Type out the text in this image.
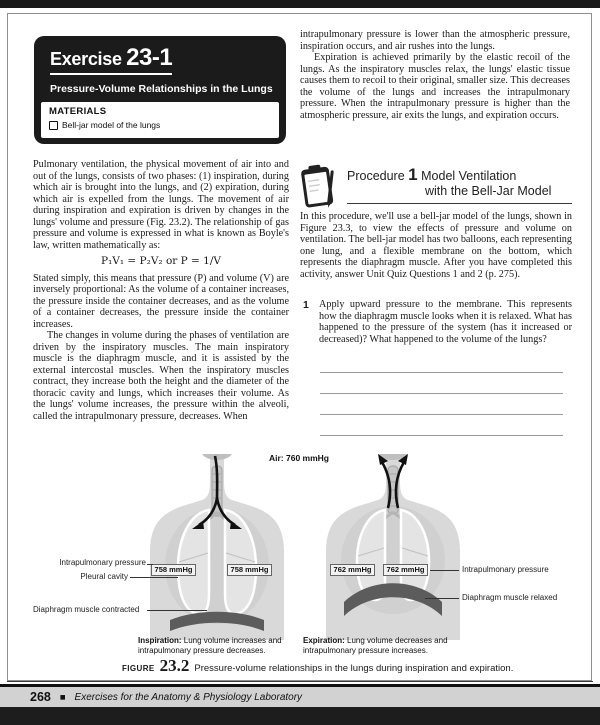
Exercise 23-1
Pressure-Volume Relationships in the Lungs
MATERIALS
Bell-jar model of the lungs

Pulmonary ventilation, the physical movement of air into and out of the lungs, consists of two phases: (1) inspiration, during which air is brought into the lungs, and (2) expiration, during which air is expelled from the lungs. The movement of air during inspiration and expiration is driven by changes in the lungs' volume and pressure (Fig. 23.2). The relationship of gas pressure and volume is expressed in what is known as Boyle's law, written mathematically as:

P₁V₁ = P₂V₂ or P = 1/V

Stated simply, this means that pressure (P) and volume (V) are inversely proportional: As the volume of a container increases, the pressure inside the container decreases, and as the volume of a container decreases, the pressure inside the container increases.

The changes in volume during the phases of ventilation are driven by the inspiratory muscles. The main inspiratory muscle is the diaphragm muscle, and it is assisted by the external intercostal muscles. When the inspiratory muscles contract, they increase both the height and the diameter of the thoracic cavity and lungs, which increases their volume. As the lungs' volume increases, the pressure within the alveoli, called the intrapulmonary pressure, decreases. When

intrapulmonary pressure is lower than the atmospheric pressure, inspiration occurs, and air rushes into the lungs.

Expiration is achieved primarily by the elastic recoil of the lungs. As the inspiratory muscles relax, the lungs' elastic tissue causes them to recoil to their original, smaller size. This decreases the volume of the lungs and increases the intrapulmonary pressure. When the intrapulmonary pressure is higher than the atmospheric pressure, air exits the lungs, and expiration occurs.

Procedure 1 Model Ventilation
with the Bell-Jar Model

In this procedure, we'll use a bell-jar model of the lungs, shown in Figure 23.3, to view the effects of pressure and volume on ventilation. The bell-jar model has two balloons, each representing one lung, and a flexible membrane on the bottom, which represents the diaphragm muscle. After you have completed this activity, answer Unit Quiz Questions 1 and 2 (p. 275).

1 Apply upward pressure to the membrane. This represents how the diaphragm muscle looks when it is relaxed. What has happened to the pressure of the system (has it increased or decreased)? What happened to the volume of the lungs?

Air: 760 mmHg
758 mmHg	758 mmHg	762 mmHg	762 mmHg
Intrapulmonary pressure
Pleural cavity
Diaphragm muscle contracted
Intrapulmonary pressure
Diaphragm muscle relaxed
Inspiration: Lung volume increases and intrapulmonary pressure decreases.
Expiration: Lung volume decreases and intrapulmonary pressure increases.
FIGURE 23.2 Pressure-volume relationships in the lungs during inspiration and expiration.
268 ■ Exercises for the Anatomy & Physiology Laboratory
